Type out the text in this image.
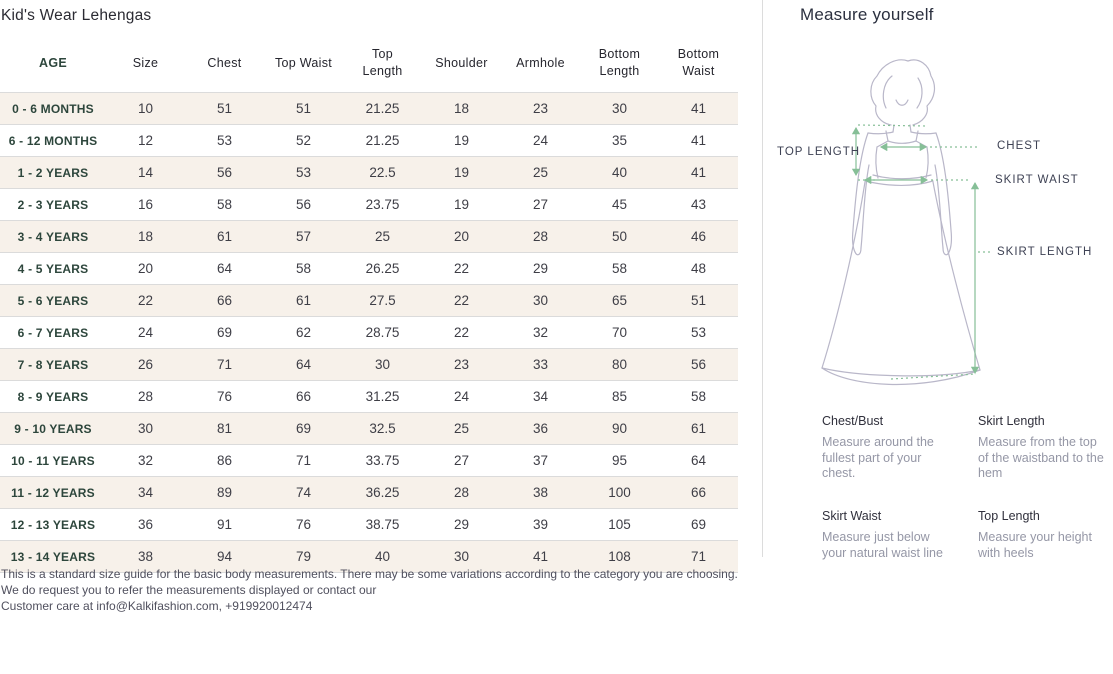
Kid's Wear Lehengas
AGE	Size	Chest	Top Waist	Top Length	Shoulder	Armhole	Bottom Length	Bottom Waist
0 - 6 MONTHS	10	51	51	21.25	18	23	30	41
6 - 12 MONTHS	12	53	52	21.25	19	24	35	41
1 - 2 YEARS	14	56	53	22.5	19	25	40	41
2 - 3 YEARS	16	58	56	23.75	19	27	45	43
3 - 4 YEARS	18	61	57	25	20	28	50	46
4 - 5 YEARS	20	64	58	26.25	22	29	58	48
5 - 6 YEARS	22	66	61	27.5	22	30	65	51
6 - 7 YEARS	24	69	62	28.75	22	32	70	53
7 - 8 YEARS	26	71	64	30	23	33	80	56
8 - 9 YEARS	28	76	66	31.25	24	34	85	58
9 - 10 YEARS	30	81	69	32.5	25	36	90	61
10 - 11 YEARS	32	86	71	33.75	27	37	95	64
11 - 12 YEARS	34	89	74	36.25	28	38	100	66
12 - 13 YEARS	36	91	76	38.75	29	39	105	69
13 - 14 YEARS	38	94	79	40	30	41	108	71
This is a standard size guide for the basic body measurements. There may be some variations according to the category you are choosing.
We do request you to refer the measurements displayed or contact our
Customer care at info@Kalkifashion.com, +919920012474
Measure yourself
TOP LENGTH	CHEST
SKIRT WAIST
SKIRT LENGTH
Chest/Bust
Measure around the fullest part of your chest.
Skirt Length
Measure from the top of the waistband to the hem
Skirt Waist
Measure just below your natural waist line
Top Length
Measure your height with heels
